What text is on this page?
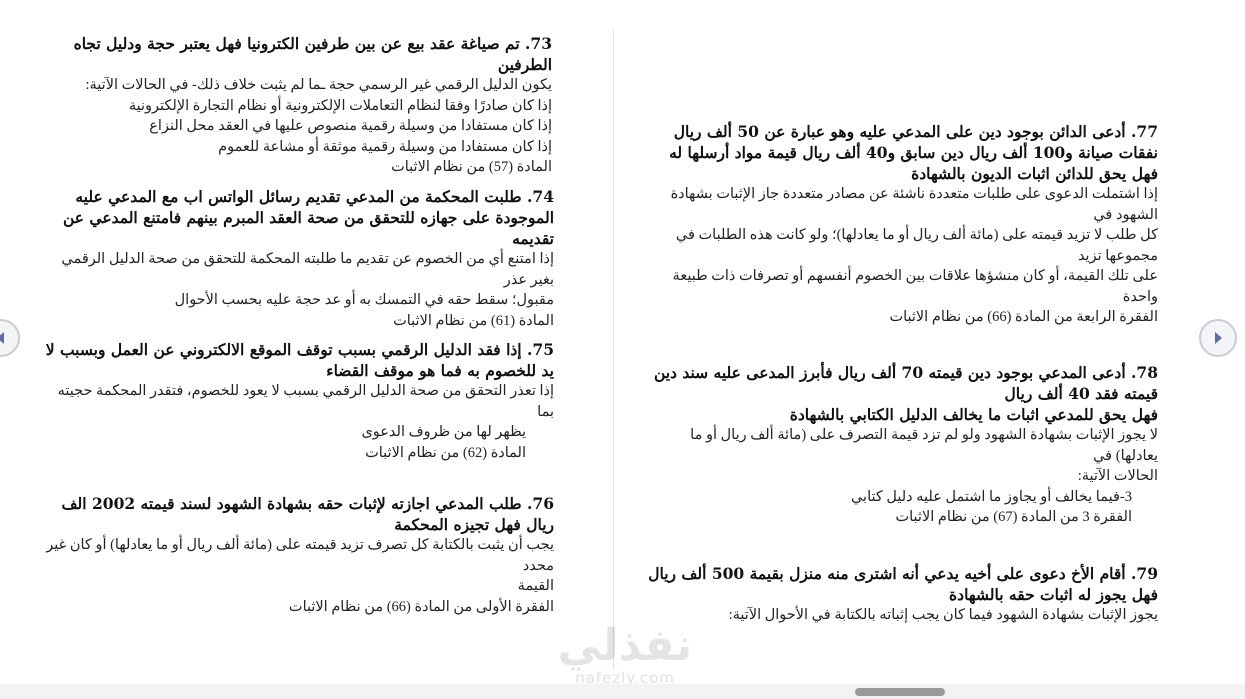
73. تم صياغة عقد بيع عن بين طرفين الكترونيا فهل يعتبر حجة ودليل تجاه الطرفين
يكون الدليل الرقمي غير الرسمي حجة ـما لم يثبت خلاف ذلك- في الحالات الآتية:
إذا كان صادرًا وفقا لنظام التعاملات الإلكترونية أو نظام التجارة الإلكترونية
إذا كان مستفادا من وسيلة رقمية منصوص عليها في العقد محل النزاع
إذا كان مستفادا من وسيلة رقمية موثقة أو مشاعة للعموم
المادة (57) من نظام الاثبات
74. طلبت المحكمة من المدعي تقديم رسائل الواتس اب مع المدعي عليه الموجودة على جهازه للتحقق من صحة العقد المبرم بينهم فامتنع المدعي عن تقديمه
إذا امتنع أي من الخصوم عن تقديم ما طلبته المحكمة للتحقق من صحة الدليل الرقمي بغير عذر
مقبول؛ سقط حقه في التمسك به أو عد حجة عليه بحسب الأحوال
المادة (61) من نظام الاثبات
75. إذا فقد الدليل الرقمي بسبب توقف الموقع الالكتروني عن العمل وبسبب لا يد للخصوم به فما هو موقف القضاء
إذا تعذر التحقق من صحة الدليل الرقمي بسبب لا يعود للخصوم، فتقدر المحكمة حجيته بما
يظهر لها من ظروف الدعوى
المادة (62) من نظام الاثبات
76. طلب المدعي اجازته لإثبات حقه بشهادة الشهود لسند قيمته 2002 الف ريال فهل تجيزه المحكمة
يجب أن يثبت بالكتابة كل تصرف تزيد قيمته على (مائة ألف ريال أو ما يعادلها) أو كان غير محدد
القيمة
الفقرة الأولى من المادة (66) من نظام الاثبات
77. أدعى الدائن بوجود دين على المدعي عليه وهو عبارة عن 50 ألف ريال نفقات صيانة و100 ألف ريال دين سابق و40 ألف ريال قيمة مواد أرسلها له فهل يحق للدائن اثبات الديون بالشهادة
إذا اشتملت الدعوى على طلبات متعددة ناشئة عن مصادر متعددة جاز الإثبات بشهادة الشهود في
كل طلب لا تزيد قيمته على (مائة ألف ريال أو ما يعادلها)؛ ولو كانت هذه الطلبات في مجموعها تزيد
على تلك القيمة، أو كان منشؤها علاقات بين الخصوم أنفسهم أو تصرفات ذات طبيعة واحدة
الفقرة الرابعة من المادة (66) من نظام الاثبات
78. أدعى المدعي بوجود دين قيمته 70 ألف ريال فأبرز المدعى عليه سند دين قيمته فقد 40 ألف ريال
فهل يحق للمدعي اثبات ما يخالف الدليل الكتابي بالشهادة
لا يجوز الإثبات بشهادة الشهود ولو لم تزد قيمة التصرف على (مائة ألف ريال أو ما يعادلها) في
الحالات الآتية:
3-فيما يخالف أو يجاوز ما اشتمل عليه دليل كتابي
الفقرة 3 من المادة (67) من نظام الاثبات
79. أقام الأخ دعوى على أخيه يدعي أنه اشترى منه منزل بقيمة 500 ألف ريال فهل يجوز له اثبات حقه بالشهادة
يجوز الإثبات بشهادة الشهود فيما كان يجب إثباته بالكتابة في الأحوال الآتية:
